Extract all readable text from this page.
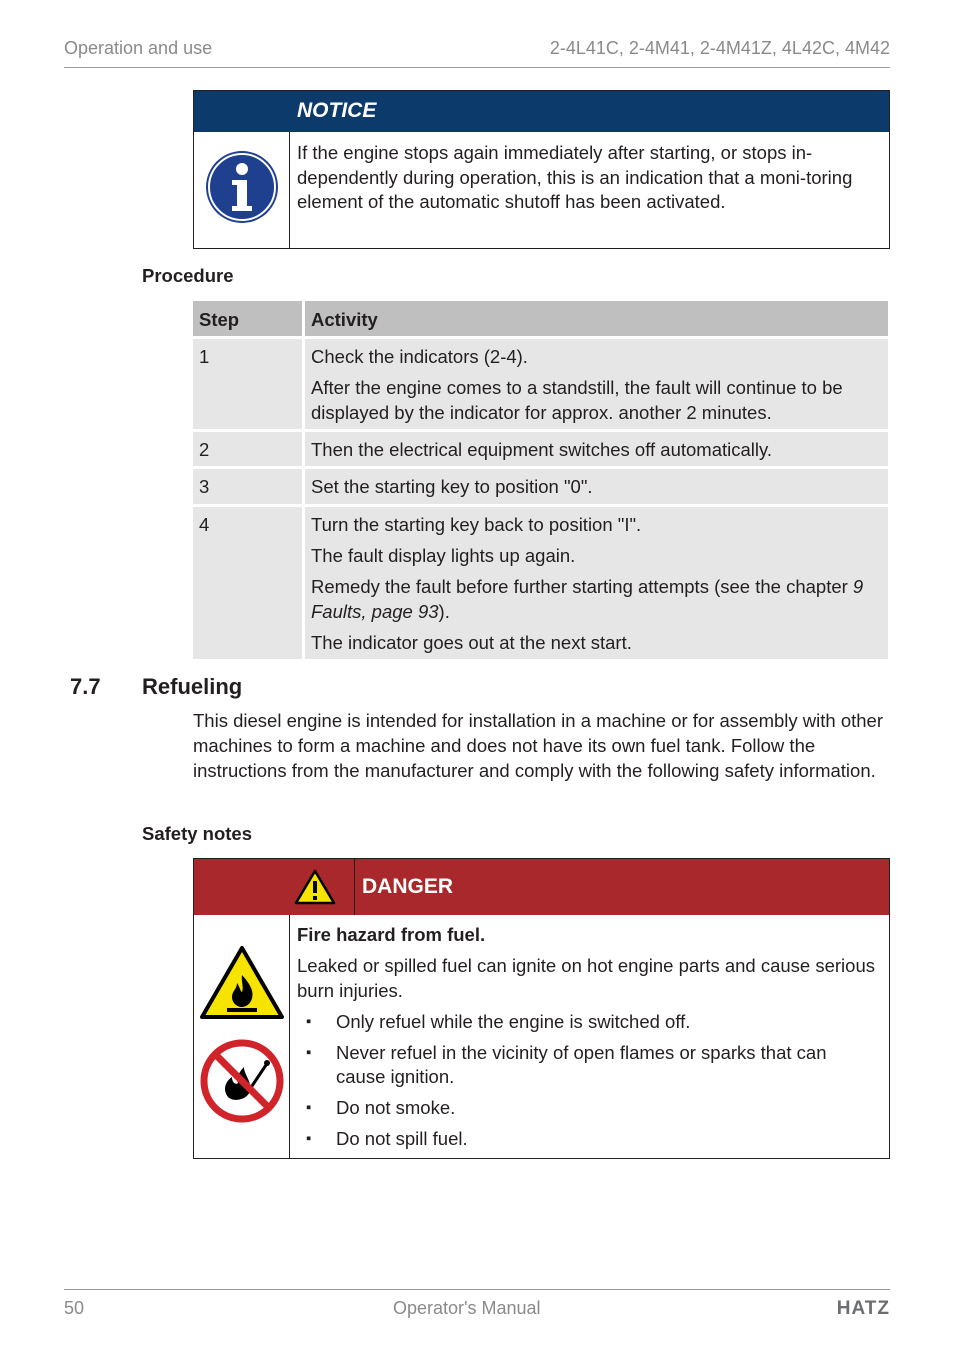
Operation and use	2-4L41C, 2-4M41, 2-4M41Z, 4L42C, 4M42
NOTICE
If the engine stops again immediately after starting, or stops in-dependently during operation, this is an indication that a moni-toring element of the automatic shutoff has been activated.
Procedure
Step	Activity
1	Check the indicators (2-4).

After the engine comes to a standstill, the fault will continue to be displayed by the indicator for approx. another 2 minutes.

2	Then the electrical equipment switches off automatically.
3	Set the starting key to position "0".
4	Turn the starting key back to position "I".

The fault display lights up again.

Remedy the fault before further starting attempts (see the chapter 9 Faults, page 93).

The indicator goes out at the next start.

7.7 Refueling
This diesel engine is intended for installation in a machine or for assembly with other machines to form a machine and does not have its own fuel tank. Follow the instructions from the manufacturer and comply with the following safety information.
Safety notes
DANGER

Fire hazard from fuel.

Leaked or spilled fuel can ignite on hot engine parts and cause serious burn injuries.

▪ Only refuel while the engine is switched off.
▪ Never refuel in the vicinity of open flames or sparks that can cause ignition.
▪ Do not smoke.
▪ Do not spill fuel.
50	Operator's Manual	HATZ
